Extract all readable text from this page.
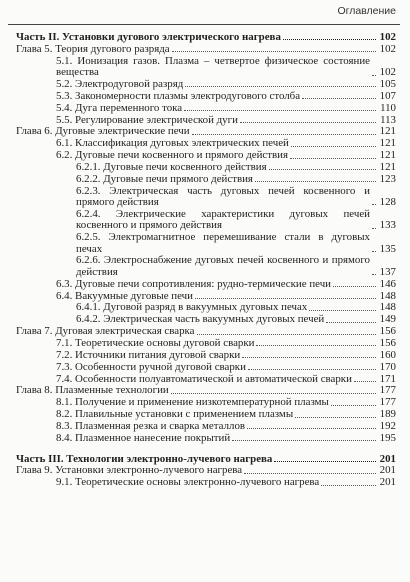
Оглавление
Часть II. Установки дугового электрического нагрева	102
Глава 5. Теория дугового разряда	102
5.1. Ионизация газов. Плазма – четвертое физическое состояние вещества	102
5.2. Электродуговой разряд	105
5.3. Закономерности плазмы электродугового столба	107
5.4. Дуга переменного тока	110
5.5. Регулирование электрической дуги	113
Глава 6. Дуговые электрические печи	121
6.1. Классификация дуговых электрических печей	121
6.2. Дуговые печи косвенного и прямого действия	121
6.2.1. Дуговые печи косвенного действия	121
6.2.2. Дуговые печи прямого действия	123
6.2.3. Электрическая часть дуговых печей косвенного и прямого действия	128
6.2.4. Электрические характеристики дуговых печей косвенного и прямого действия	133
6.2.5. Электромагнитное перемешивание стали в дуговых печах	135
6.2.6. Электроснабжение дуговых печей косвенного и прямого действия	137
6.3. Дуговые печи сопротивления: рудно-термические печи	146
6.4. Вакуумные дуговые печи	148
6.4.1. Дуговой разряд в вакуумных дуговых печах	148
6.4.2. Электрическая часть вакуумных дуговых печей	149
Глава 7. Дуговая электрическая сварка	156
7.1. Теоретические основы дуговой сварки	156
7.2. Источники питания дуговой сварки	160
7.3. Особенности ручной дуговой сварки	170
7.4. Особенности полуавтоматической и автоматической сварки	171
Глава 8. Плазменные технологии	177
8.1. Получение и применение низкотемпературной плазмы	177
8.2. Плавильные установки с применением плазмы	189
8.3. Плазменная резка и сварка металлов	192
8.4. Плазменное нанесение покрытий	195
Часть III. Технологии электронно-лучевого нагрева	201
Глава 9. Установки электронно-лучевого нагрева	201
9.1. Теоретические основы электронно-лучевого нагрева	201
